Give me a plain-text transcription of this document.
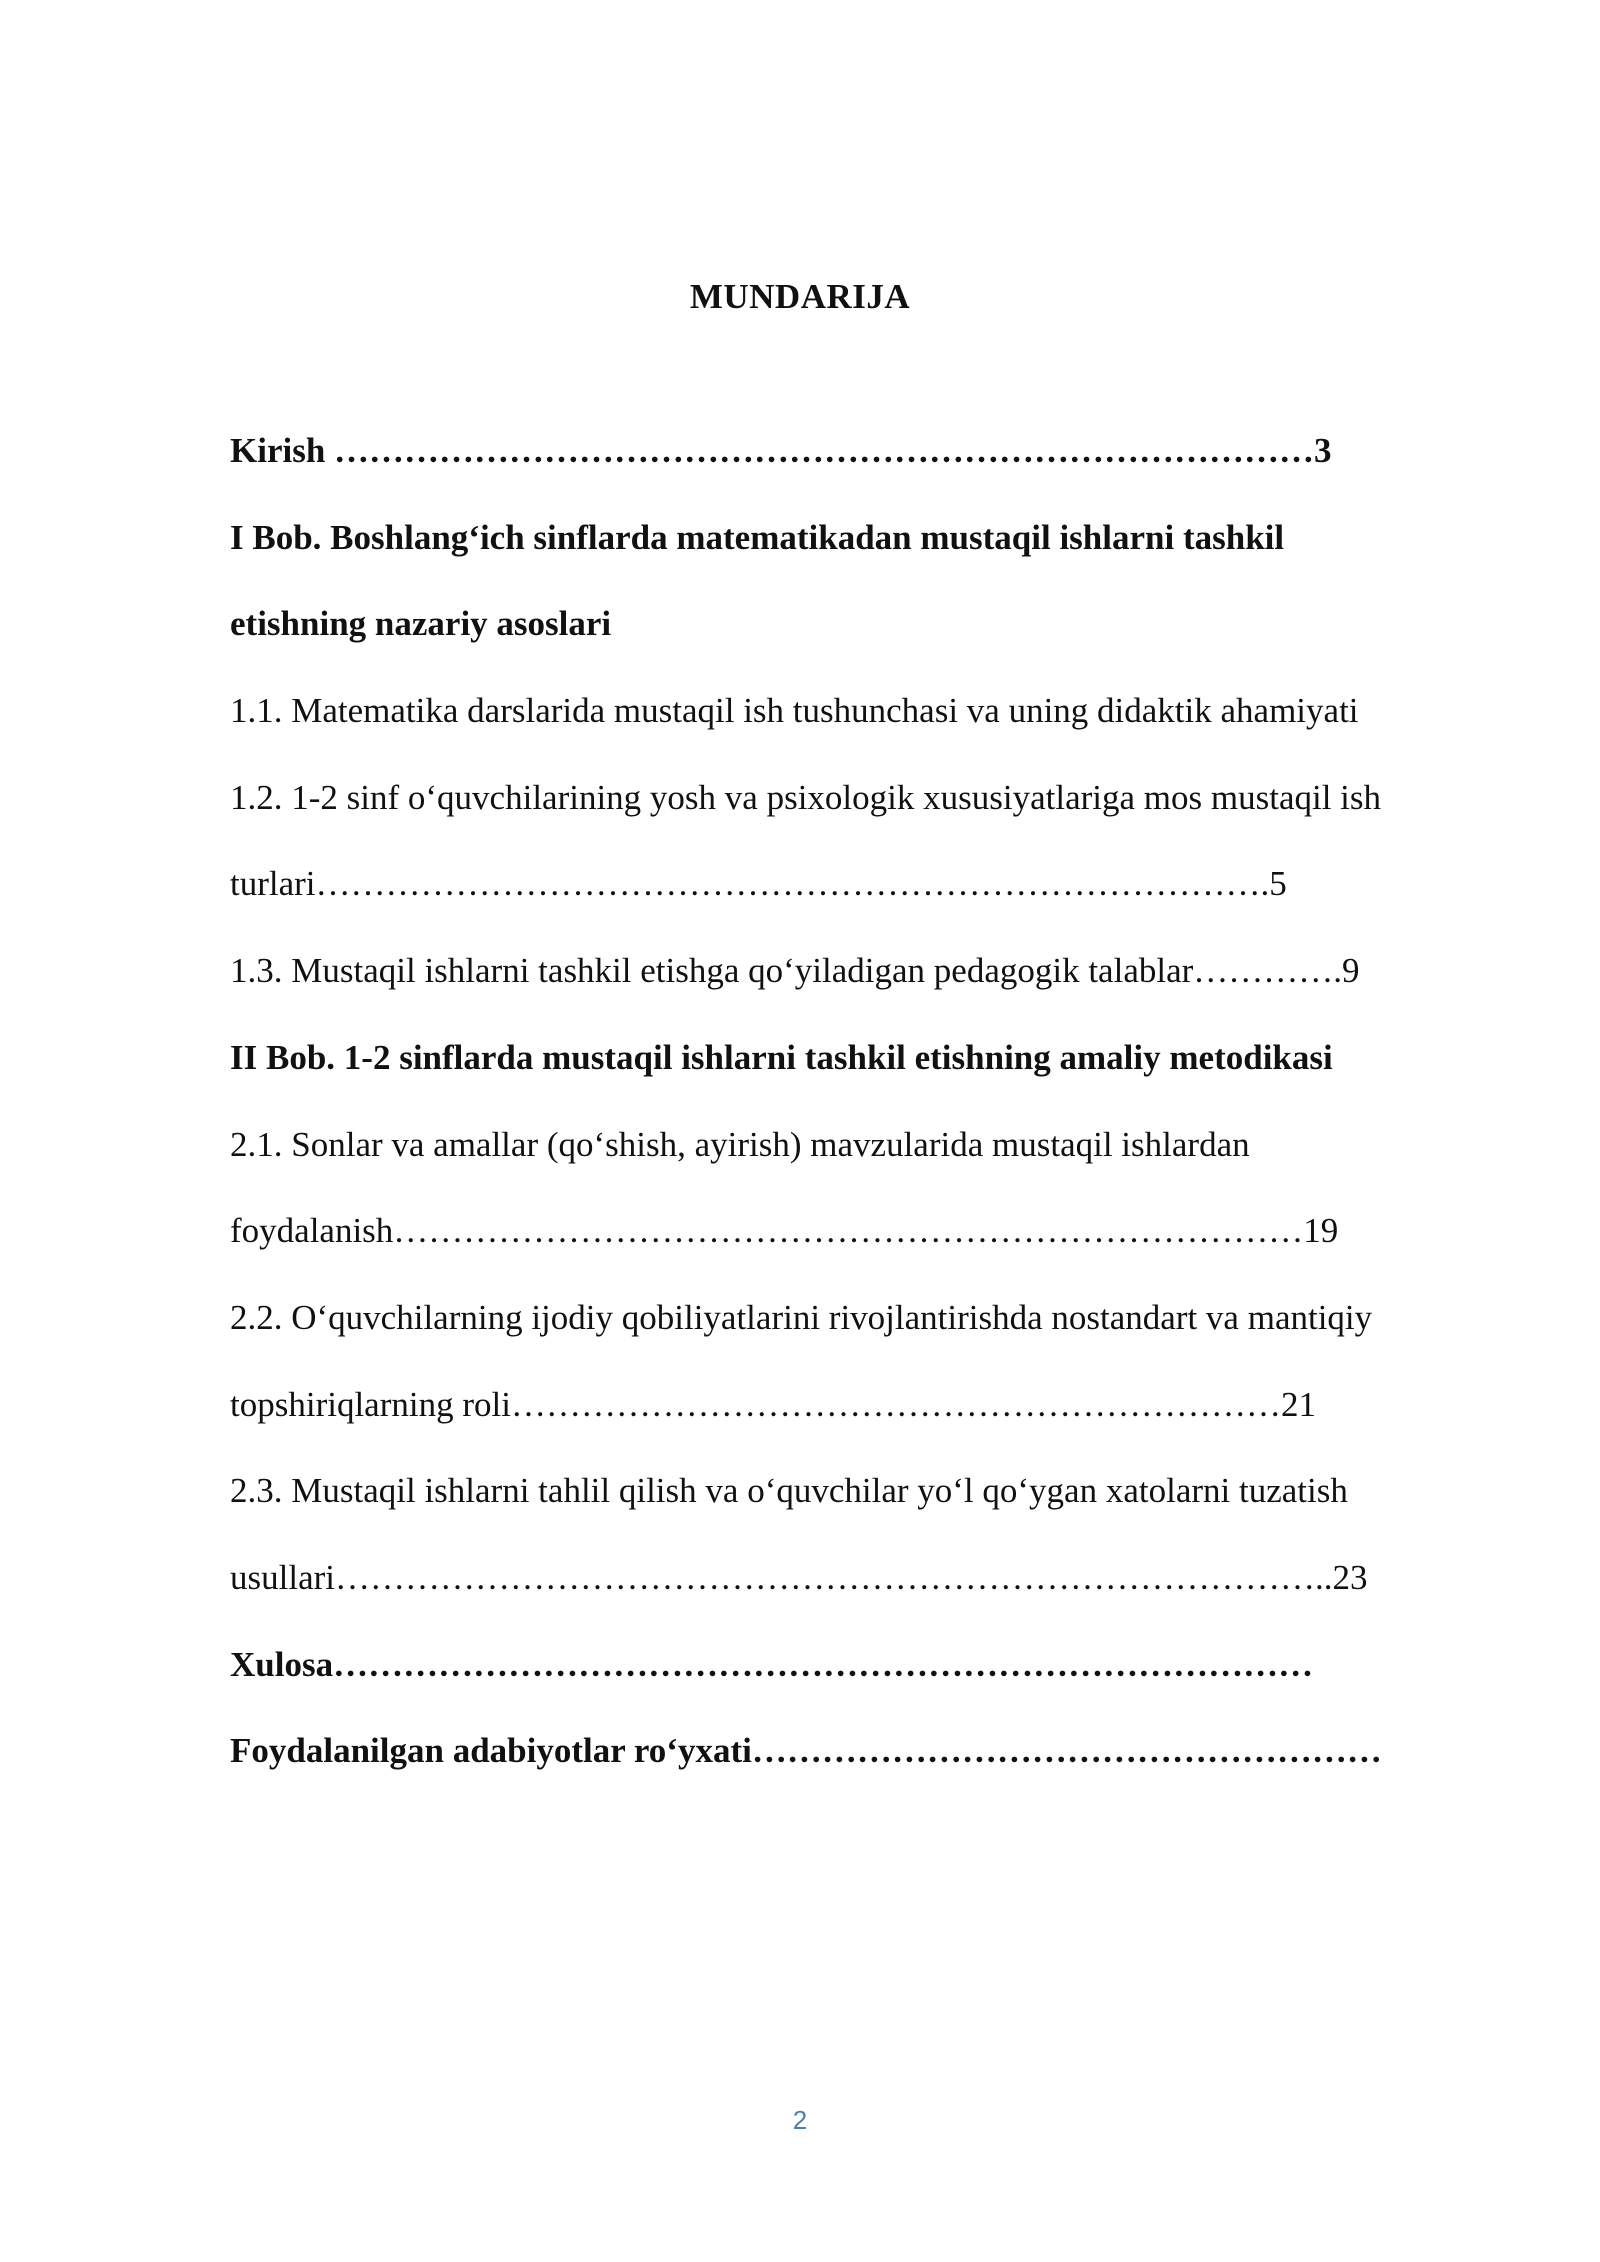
MUNDARIJA
Kirish …………………………………………………………………………3
I Bob. Boshlang‘ich sinflarda matematikadan mustaqil ishlarni tashkil
etishning nazariy asoslari
1.1. Matematika darslarida mustaqil ish tushunchasi va uning didaktik ahamiyati
1.2. 1-2 sinf o‘quvchilarining yosh va psixologik xususiyatlariga mos mustaqil ish
turlari……………………………………………………………………….5
1.3. Mustaqil ishlarni tashkil etishga qo‘yiladigan pedagogik talablar………….9
II Bob. 1-2 sinflarda mustaqil ishlarni tashkil etishning amaliy metodikasi
2.1. Sonlar va amallar (qo‘shish, ayirish) mavzularida mustaqil ishlardan
foydalanish……………………………………………………………………19
2.2. O‘quvchilarning ijodiy qobiliyatlarini rivojlantirishda nostandart va mantiqiy
topshiriqlarning roli…………………………………………………………21
2.3. Mustaqil ishlarni tahlil qilish va o‘quvchilar yo‘l qo‘ygan xatolarni tuzatish
usullari…………………………………………………………………………..23
Xulosa…………………………………………………………………………
Foydalanilgan adabiyotlar ro‘yxati………………………………………………
2
